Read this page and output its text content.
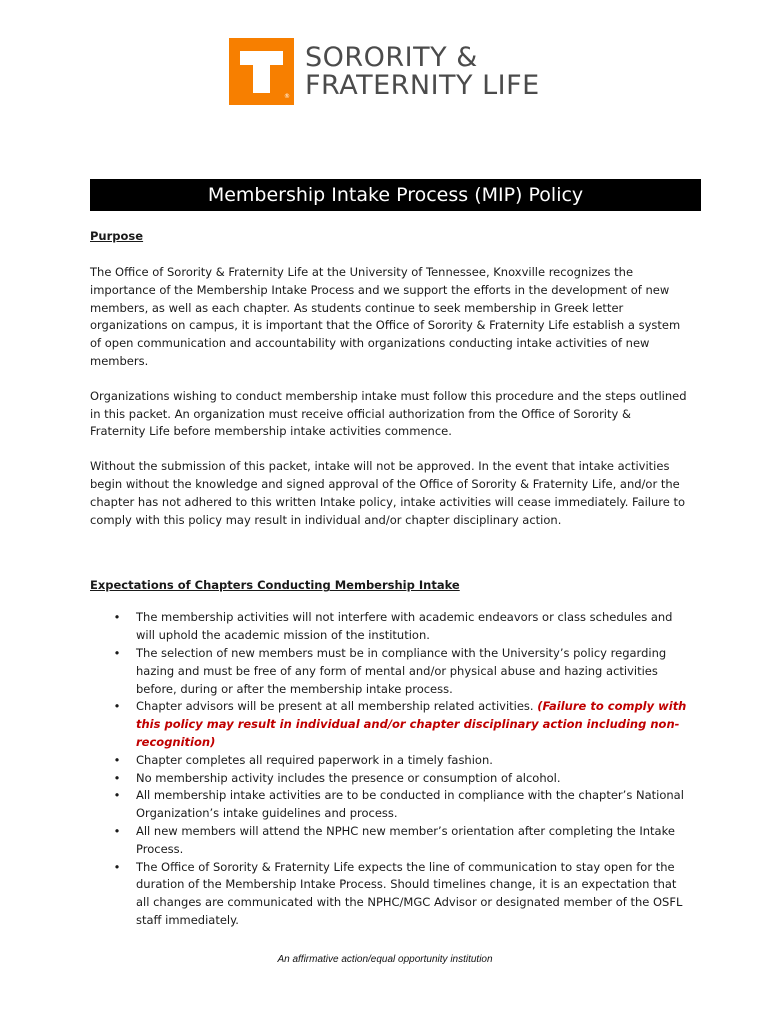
®
SORORITY &
FRATERNITY LIFE
Membership Intake Process (MIP) Policy
Purpose

The Office of Sorority & Fraternity Life at the University of Tennessee, Knoxville recognizes the importance of the Membership Intake Process and we support the efforts in the development of new members, as well as each chapter. As students continue to seek membership in Greek letter organizations on campus, it is important that the Office of Sorority & Fraternity Life establish a system of open communication and accountability with organizations conducting intake activities of new members.

Organizations wishing to conduct membership intake must follow this procedure and the steps outlined in this packet. An organization must receive official authorization from the Office of Sorority & Fraternity Life before membership intake activities commence.

Without the submission of this packet, intake will not be approved. In the event that intake activities begin without the knowledge and signed approval of the Office of Sorority & Fraternity Life, and/or the chapter has not adhered to this written Intake policy, intake activities will cease immediately. Failure to comply with this policy may result in individual and/or chapter disciplinary action.

Expectations of Chapters Conducting Membership Intake
• The membership activities will not interfere with academic endeavors or class schedules and will uphold the academic mission of the institution.
• The selection of new members must be in compliance with the University’s policy regarding hazing and must be free of any form of mental and/or physical abuse and hazing activities before, during or after the membership intake process.
• Chapter advisors will be present at all membership related activities. (Failure to comply with this policy may result in individual and/or chapter disciplinary action including non-recognition)
• Chapter completes all required paperwork in a timely fashion.
• No membership activity includes the presence or consumption of alcohol.
• All membership intake activities are to be conducted in compliance with the chapter’s National Organization’s intake guidelines and process.
• All new members will attend the NPHC new member’s orientation after completing the Intake Process.
• The Office of Sorority & Fraternity Life expects the line of communication to stay open for the duration of the Membership Intake Process. Should timelines change, it is an expectation that all changes are communicated with the NPHC/MGC Advisor or designated member of the OSFL staff immediately.
An affirmative action/equal opportunity institution
